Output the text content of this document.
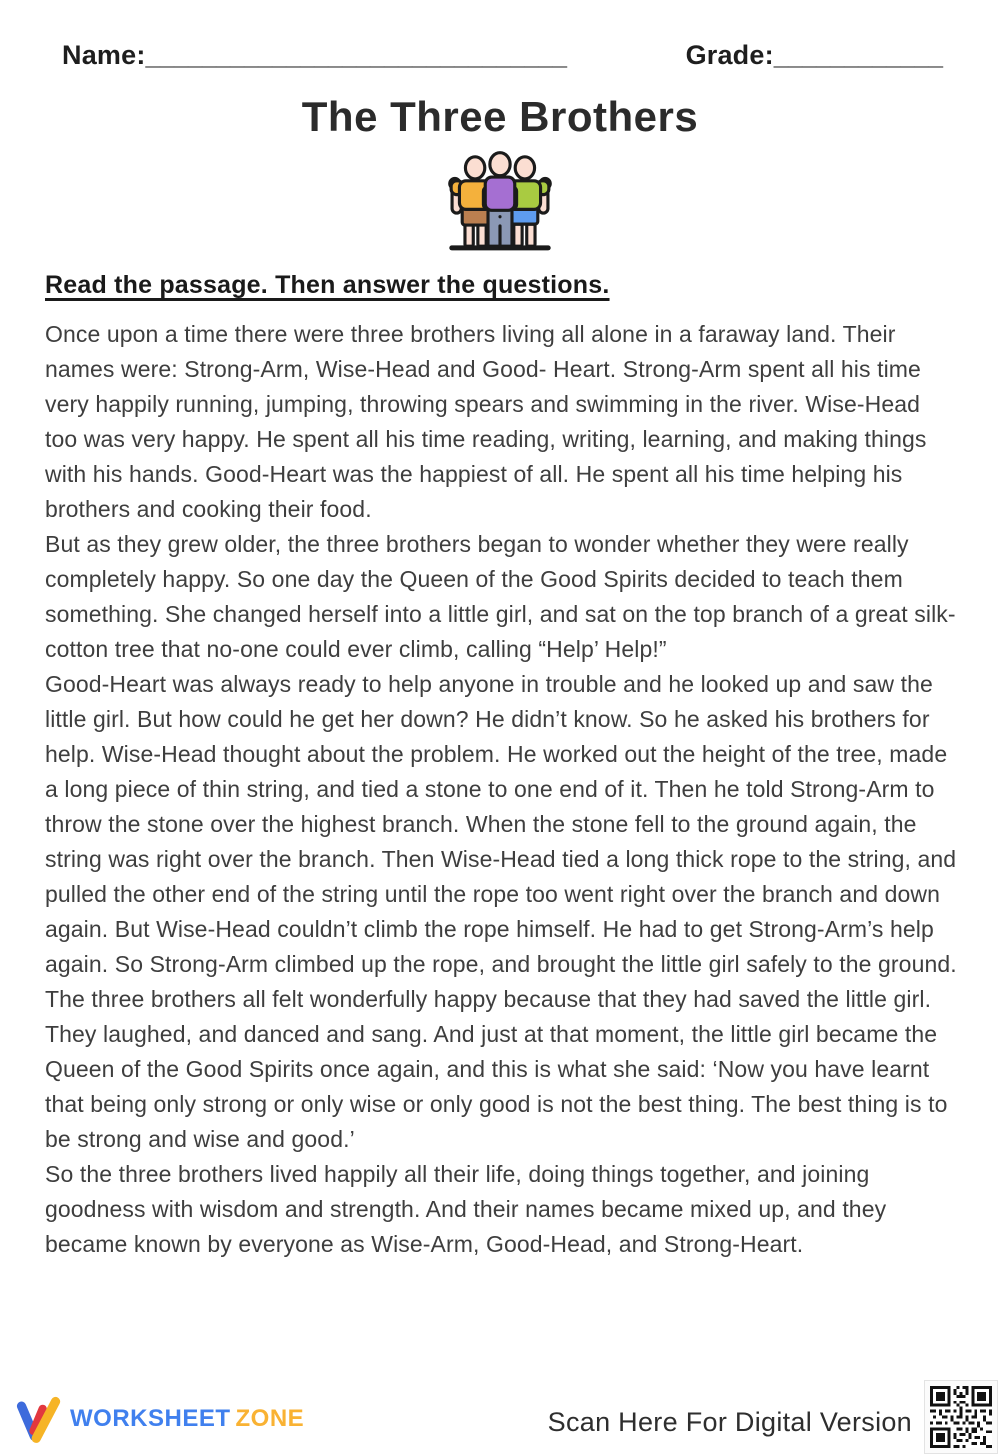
Name:______________________________	Grade:____________
The Three Brothers
Read the passage. Then answer the questions.

Once upon a time there were three brothers living all alone in a faraway land. Their names were: Strong-Arm, Wise-Head and Good- Heart. Strong-Arm spent all his time very happily running, jumping, throwing spears and swimming in the river. Wise-Head too was very happy. He spent all his time reading, writing, learning, and making things with his hands. Good-Heart was the happiest of all. He spent all his time helping his brothers and cooking their food.

But as they grew older, the three brothers began to wonder whether they were really completely happy. So one day the Queen of the Good Spirits decided to teach them something. She changed herself into a little girl, and sat on the top branch of a great silk-cotton tree that no-one could ever climb, calling “Help’ Help!”

Good-Heart was always ready to help anyone in trouble and he looked up and saw the little girl. But how could he get her down? He didn’t know. So he asked his brothers for help. Wise-Head thought about the problem. He worked out the height of the tree, made a long piece of thin string, and tied a stone to one end of it. Then he told Strong-Arm to throw the stone over the highest branch. When the stone fell to the ground again, the string was right over the branch. Then Wise-Head tied a long thick rope to the string, and pulled the other end of the string until the rope too went right over the branch and down again. But Wise-Head couldn’t climb the rope himself. He had to get Strong-Arm’s help again. So Strong-Arm climbed up the rope, and brought the little girl safely to the ground. The three brothers all felt wonderfully happy because that they had saved the little girl. They laughed, and danced and sang. And just at that moment, the little girl became the Queen of the Good Spirits once again, and this is what she said: ‘Now you have learnt that being only strong or only wise or only good is not the best thing. The best thing is to be strong and wise and good.’

So the three brothers lived happily all their life, doing things together, and joining goodness with wisdom and strength. And their names became mixed up, and they became known by everyone as Wise-Arm, Good-Head, and Strong-Heart.

WORKSHEET ZONE	Scan Here For Digital Version
